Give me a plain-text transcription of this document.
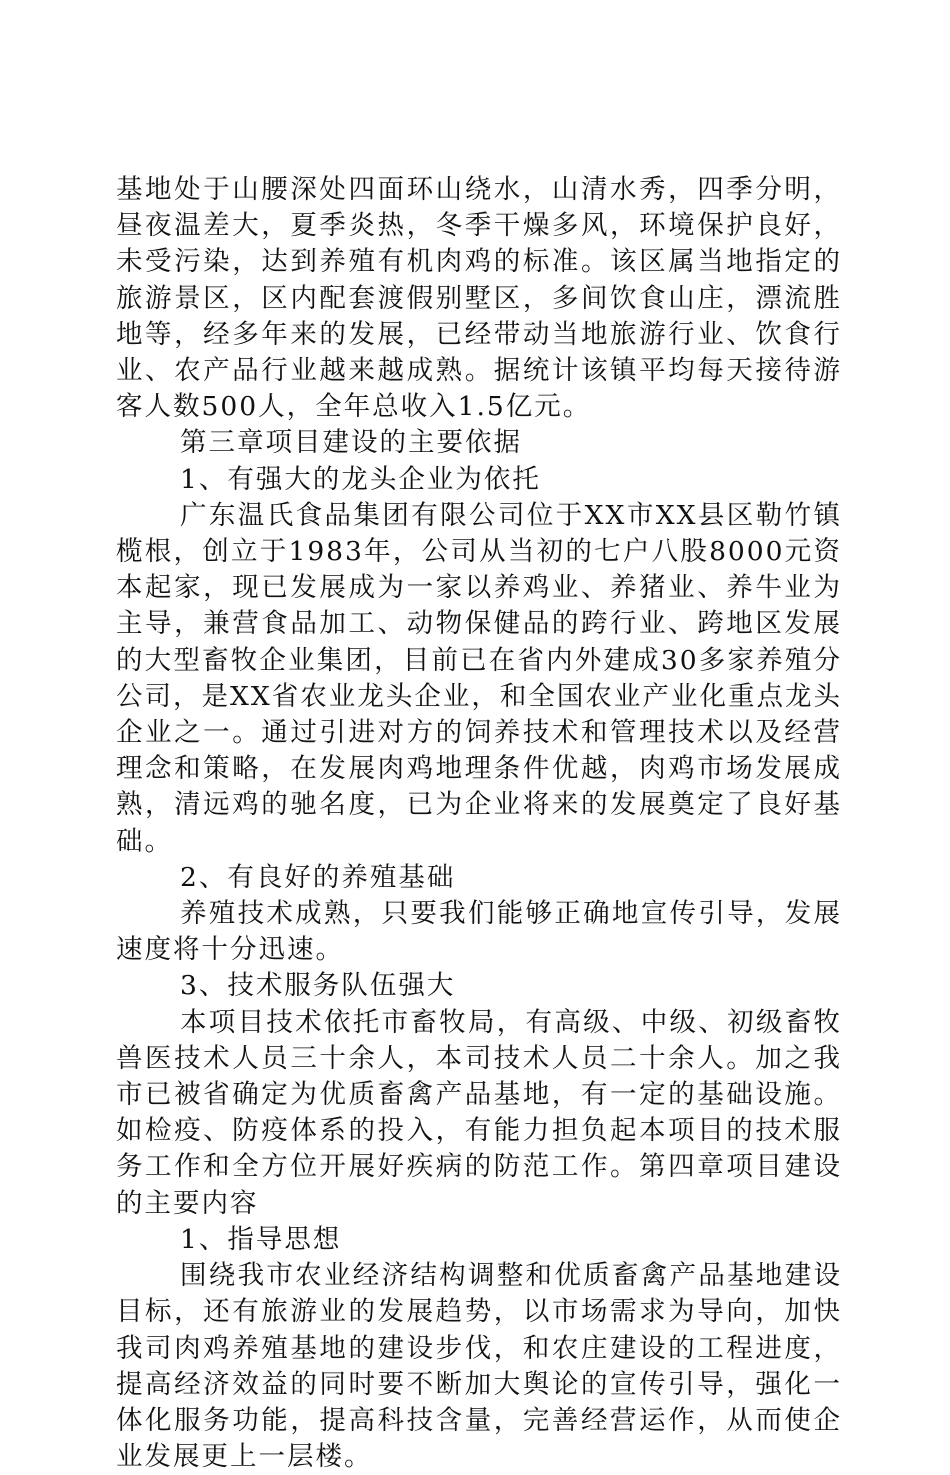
基地处于山腰深处四面环山绕水，山清水秀，四季分明，昼夜温差大，夏季炎热，冬季干燥多风，环境保护良好，未受污染，达到养殖有机肉鸡的标准。该区属当地指定的旅游景区，区内配套渡假别墅区，多间饮食山庄，漂流胜地等，经多年来的发展，已经带动当地旅游行业、饮食行业、农产品行业越来越成熟。据统计该镇平均每天接待游客人数500人，全年总收入1.5亿元。

第三章项目建设的主要依据

1、有强大的龙头企业为依托

广东温氏食品集团有限公司位于XX市XX县区勒竹镇榄根，创立于1983年，公司从当初的七户八股8000元资本起家，现已发展成为一家以养鸡业、养猪业、养牛业为主导，兼营食品加工、动物保健品的跨行业、跨地区发展的大型畜牧企业集团，目前已在省内外建成30多家养殖分公司，是XX省农业龙头企业，和全国农业产业化重点龙头企业之一。通过引进对方的饲养技术和管理技术以及经营理念和策略，在发展肉鸡地理条件优越，肉鸡市场发展成熟，清远鸡的驰名度，已为企业将来的发展奠定了良好基础。

2、有良好的养殖基础

养殖技术成熟，只要我们能够正确地宣传引导，发展速度将十分迅速。

3、技术服务队伍强大

本项目技术依托市畜牧局，有高级、中级、初级畜牧兽医技术人员三十余人，本司技术人员二十余人。加之我市已被省确定为优质畜禽产品基地，有一定的基础设施。如检疫、防疫体系的投入，有能力担负起本项目的技术服务工作和全方位开展好疾病的防范工作。第四章项目建设的主要内容

1、指导思想

围绕我市农业经济结构调整和优质畜禽产品基地建设目标，还有旅游业的发展趋势，以市场需求为导向，加快我司肉鸡养殖基地的建设步伐，和农庄建设的工程进度，提高经济效益的同时要不断加大舆论的宣传引导，强化一体化服务功能，提高科技含量，完善经营运作，从而使企业发展更上一层楼。
